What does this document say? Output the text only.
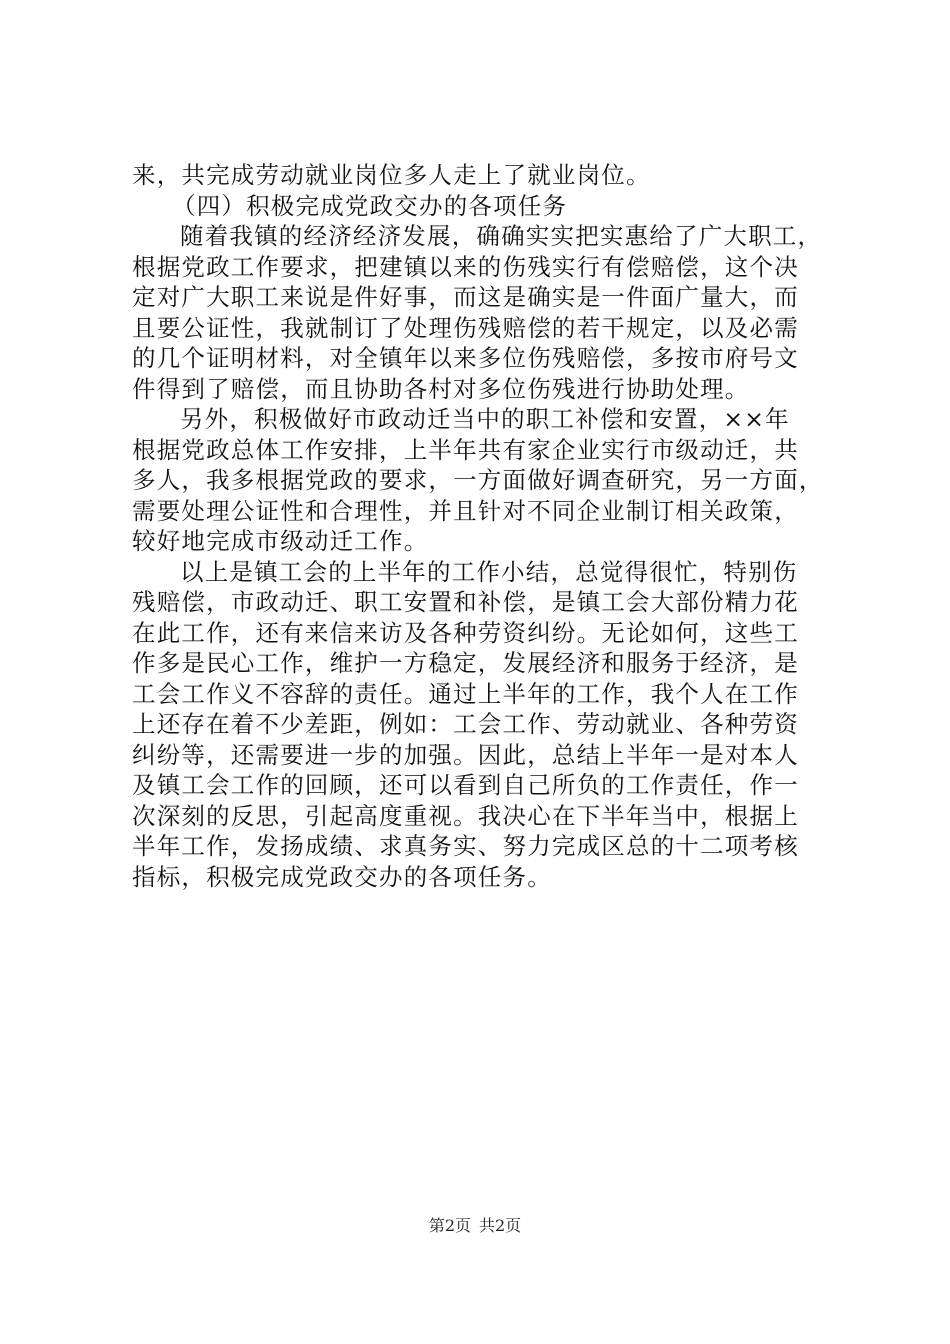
来，共完成劳动就业岗位多人走上了就业岗位。
（四）积极完成党政交办的各项任务
随着我镇的经济经济发展，确确实实把实惠给了广大职工，
根据党政工作要求，把建镇以来的伤残实行有偿赔偿，这个决
定对广大职工来说是件好事，而这是确实是一件面广量大，而
且要公证性，我就制订了处理伤残赔偿的若干规定，以及必需
的几个证明材料，对全镇年以来多位伤残赔偿，多按市府号文
件得到了赔偿，而且协助各村对多位伤残进行协助处理。
另外，积极做好市政动迁当中的职工补偿和安置，××年
根据党政总体工作安排，上半年共有家企业实行市级动迁，共
多人，我多根据党政的要求，一方面做好调查研究，另一方面，
需要处理公证性和合理性，并且针对不同企业制订相关政策，
较好地完成市级动迁工作。
以上是镇工会的上半年的工作小结，总觉得很忙，特别伤
残赔偿，市政动迁、职工安置和补偿，是镇工会大部份精力花
在此工作，还有来信来访及各种劳资纠纷。无论如何，这些工
作多是民心工作，维护一方稳定，发展经济和服务于经济，是
工会工作义不容辞的责任。通过上半年的工作，我个人在工作
上还存在着不少差距，例如：工会工作、劳动就业、各种劳资
纠纷等，还需要进一步的加强。因此，总结上半年一是对本人
及镇工会工作的回顾，还可以看到自己所负的工作责任，作一
次深刻的反思，引起高度重视。我决心在下半年当中，根据上
半年工作，发扬成绩、求真务实、努力完成区总的十二项考核
指标，积极完成党政交办的各项任务。
第2页 共2页
